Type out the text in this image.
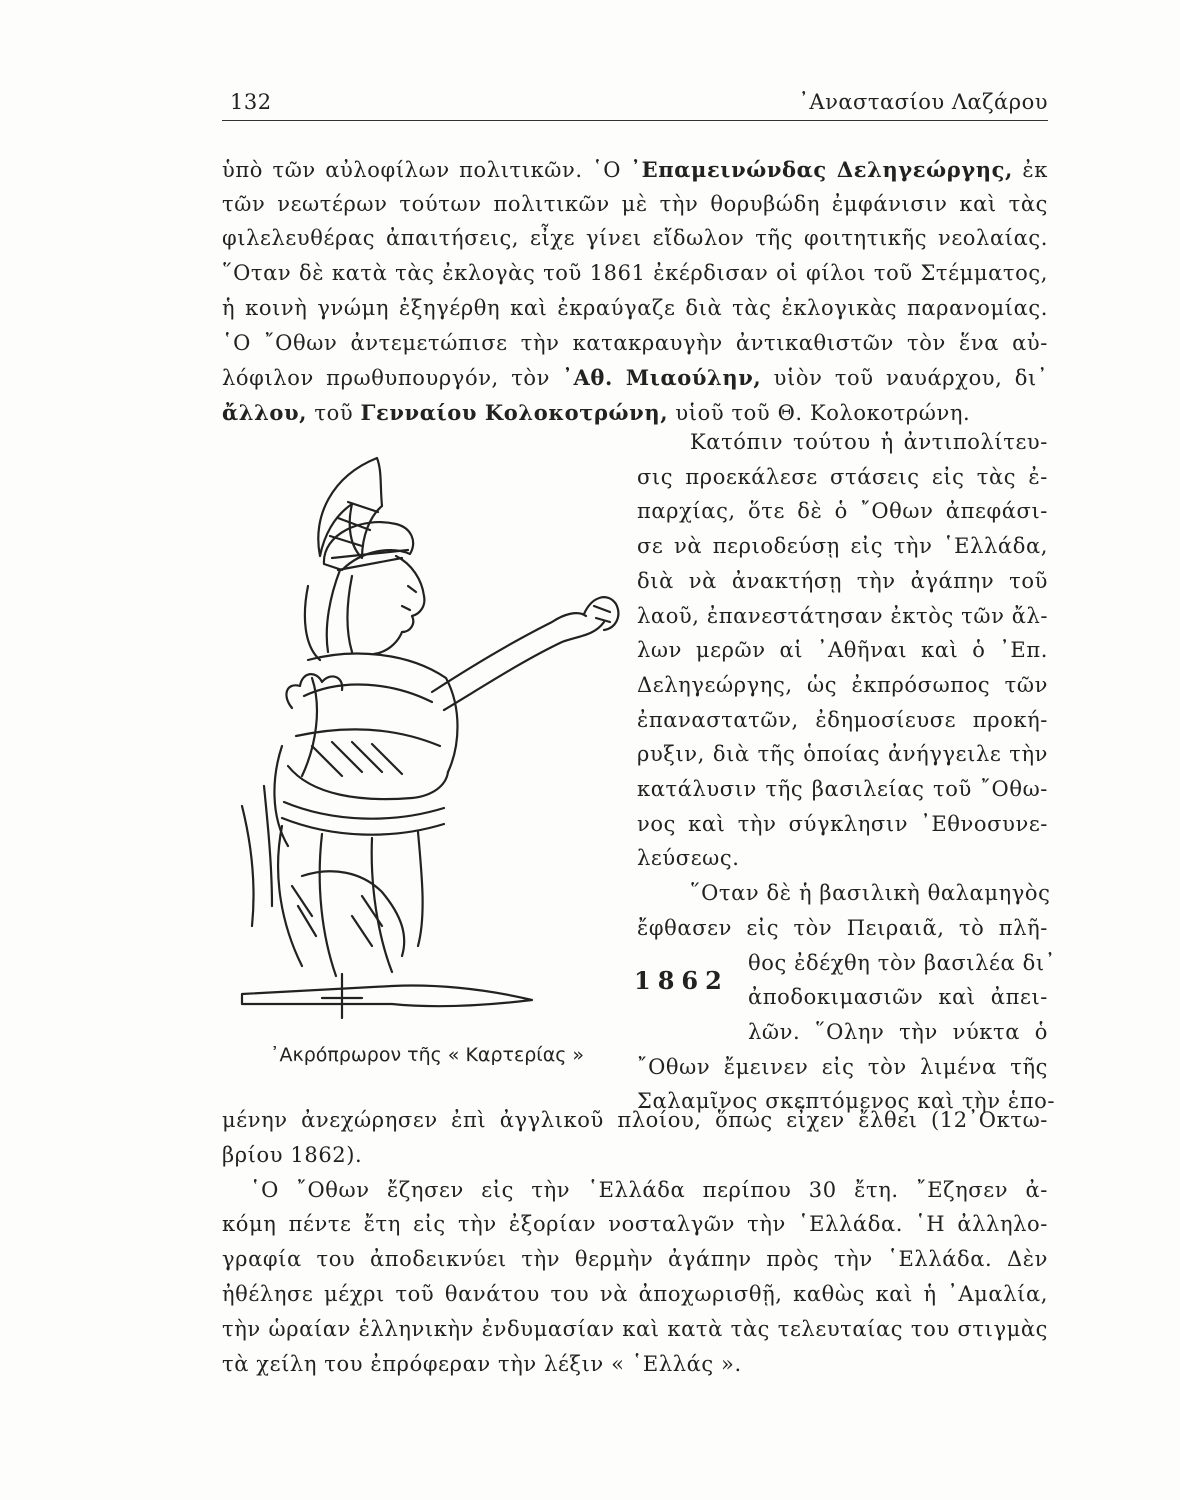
132	᾿Αναστασίου Λαζάρου
ὑπὸ τῶν αὐλοφίλων πολιτικῶν. ῾Ο ᾿Επαμεινώνδας Δεληγεώργης, ἐκ
τῶν νεωτέρων τούτων πολιτικῶν μὲ τὴν θορυβώδη ἐμφάνισιν καὶ τὰς
φιλελευθέρας ἀπαιτήσεις, εἶχε γίνει εἴδωλον τῆς φοιτητικῆς νεολαίας.
῞Οταν δὲ κατὰ τὰς ἐκλογὰς τοῦ 1861 ἐκέρδισαν οἱ φίλοι τοῦ Στέμματος,
ἡ κοινὴ γνώμη ἐξηγέρθη καὶ ἐκραύγαζε διὰ τὰς ἐκλογικὰς παρανομίας.
῾Ο ῎Οθων ἀντεμετώπισε τὴν κατακραυγὴν ἀντικαθιστῶν τὸν ἕνα αὐ-
λόφιλον πρωθυπουργόν, τὸν ᾿Αθ. Μιαούλην, υἱὸν τοῦ ναυάρχου, δι᾿
ἄλλου, τοῦ Γενναίου Κολοκοτρώνη, υἱοῦ τοῦ Θ. Κολοκοτρώνη.
Κατόπιν τούτου ἡ ἀντιπολίτευ-
σις προεκάλεσε στάσεις εἰς τὰς ἐ-
παρχίας, ὅτε δὲ ὁ ῎Οθων ἀπεφάσι-
σε νὰ περιοδεύσῃ εἰς τὴν ῾Ελλάδα,
διὰ νὰ ἀνακτήσῃ τὴν ἀγάπην τοῦ
λαοῦ, ἐπανεστάτησαν ἐκτὸς τῶν ἄλ-
λων μερῶν αἱ ᾿Αθῆναι καὶ ὁ ᾿Επ.
Δεληγεώργης, ὡς ἐκπρόσωπος τῶν
ἐπαναστατῶν, ἐδημοσίευσε προκή-
ρυξιν, διὰ τῆς ὁποίας ἀνήγγειλε τὴν
κατάλυσιν τῆς βασιλείας τοῦ ῎Οθω-
νος καὶ τὴν σύγκλησιν ᾿Εθνοσυνε-
λεύσεως.
῞Οταν δὲ ἡ βασιλικὴ θαλαμηγὸς
ἔφθασεν εἰς τὸν Πειραιᾶ, τὸ πλῆ-
θος ἐδέχθη τὸν βασιλέα δι᾿
ἀποδοκιμασιῶν καὶ ἀπει-
λῶν. ῞Ολην τὴν νύκτα ὁ
῎Οθων ἔμεινεν εἰς τὸν λιμένα τῆς
Σαλαμῖνος σκεπτόμενος καὶ τὴν ἑπο-
1862
᾿Ακρόπρωρον τῆς « Καρτερίας »
μένην ἀνεχώρησεν ἐπὶ ἀγγλικοῦ πλοίου, ὅπως εἶχεν ἔλθει (12᾿Οκτω-
βρίου 1862).
῾Ο ῎Οθων ἔζησεν εἰς τὴν ῾Ελλάδα περίπου 30 ἔτη. ῎Εζησεν ἀ-
κόμη πέντε ἔτη εἰς τὴν ἐξορίαν νοσταλγῶν τὴν ῾Ελλάδα. ῾Η ἀλληλο-
γραφία του ἀποδεικνύει τὴν θερμὴν ἀγάπην πρὸς τὴν ῾Ελλάδα. Δὲν
ἠθέλησε μέχρι τοῦ θανάτου του νὰ ἀποχωρισθῇ, καθὼς καὶ ἡ ᾿Αμαλία,
τὴν ὡραίαν ἑλληνικὴν ἐνδυμασίαν καὶ κατὰ τὰς τελευταίας του στιγμὰς
τὰ χείλη του ἐπρόφεραν τὴν λέξιν « ῾Ελλάς ».
